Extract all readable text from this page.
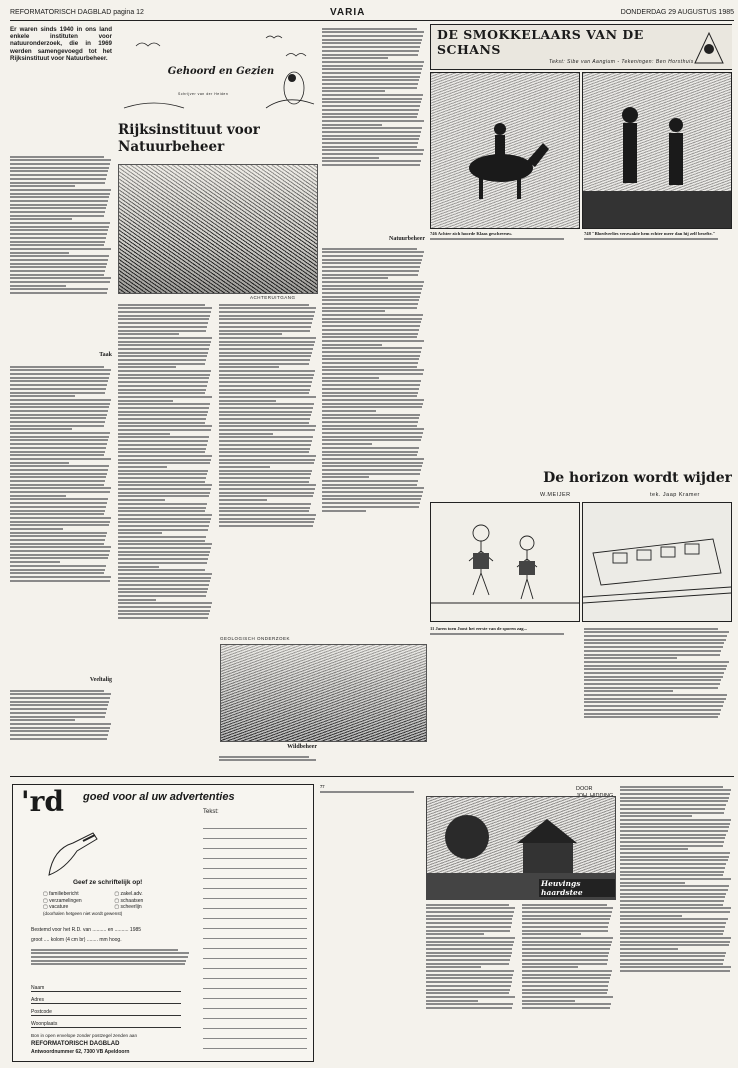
REFORMATORISCH DAGBLAD pagina 12	VARIA	DONDERDAG 29 AUGUSTUS 1985
Er waren sinds 1940 in ons land enkele instituten voor natuuronderzoek, die in 1969 werden samengevoegd tot het Rijksinstituut voor Natuurbeheer.
Taak
Veeltalig
Gehoord en Gezien
Schrijver van der Heiden
Rijksinstituut voor Natuurbeheer
ACHTERUITGANG
GEOLOGISCH ONDERZOEK
Wildbeheer
Natuurbeheer
DE SMOKKELAARS VAN DE SCHANS
Tekst: Sibe van Aangium - Tekeningen: Ben Horsthuis
746 Achter zich hoorde Klaas geschreeuw.	748 "Bloedverlies verzwakte hem echter meer dan hij zelf besefte."
De horizon wordt wijder
W.MEIJER	tek. Jaap Kramer
11 Jaren toen Joost het eerste van de sporen zag...
'rd goed voor al uw advertenties
Tekst:
Geef ze schriftelijk op!
▢ familiebericht	▢ zakel.adv.
▢ verzamelingen	▢ schaatsen
▢ vacature	▢ scheerlijn
(doorhalen hetgeen niet wordt gewenst)
Bestemd voor het R.D. van .......... en .......... 1985
groot .... kolom (4 cm br) ........ mm hoog.
Naam
Adres
Postcode
Woonplaats
Bon in open envelope zonder postzegel zenden aan
REFORMATORISCH DAGBLAD
Antwoordnummer 62, 7300 VB Apeldoorn
77	DOOR
Heuvings haardstee
